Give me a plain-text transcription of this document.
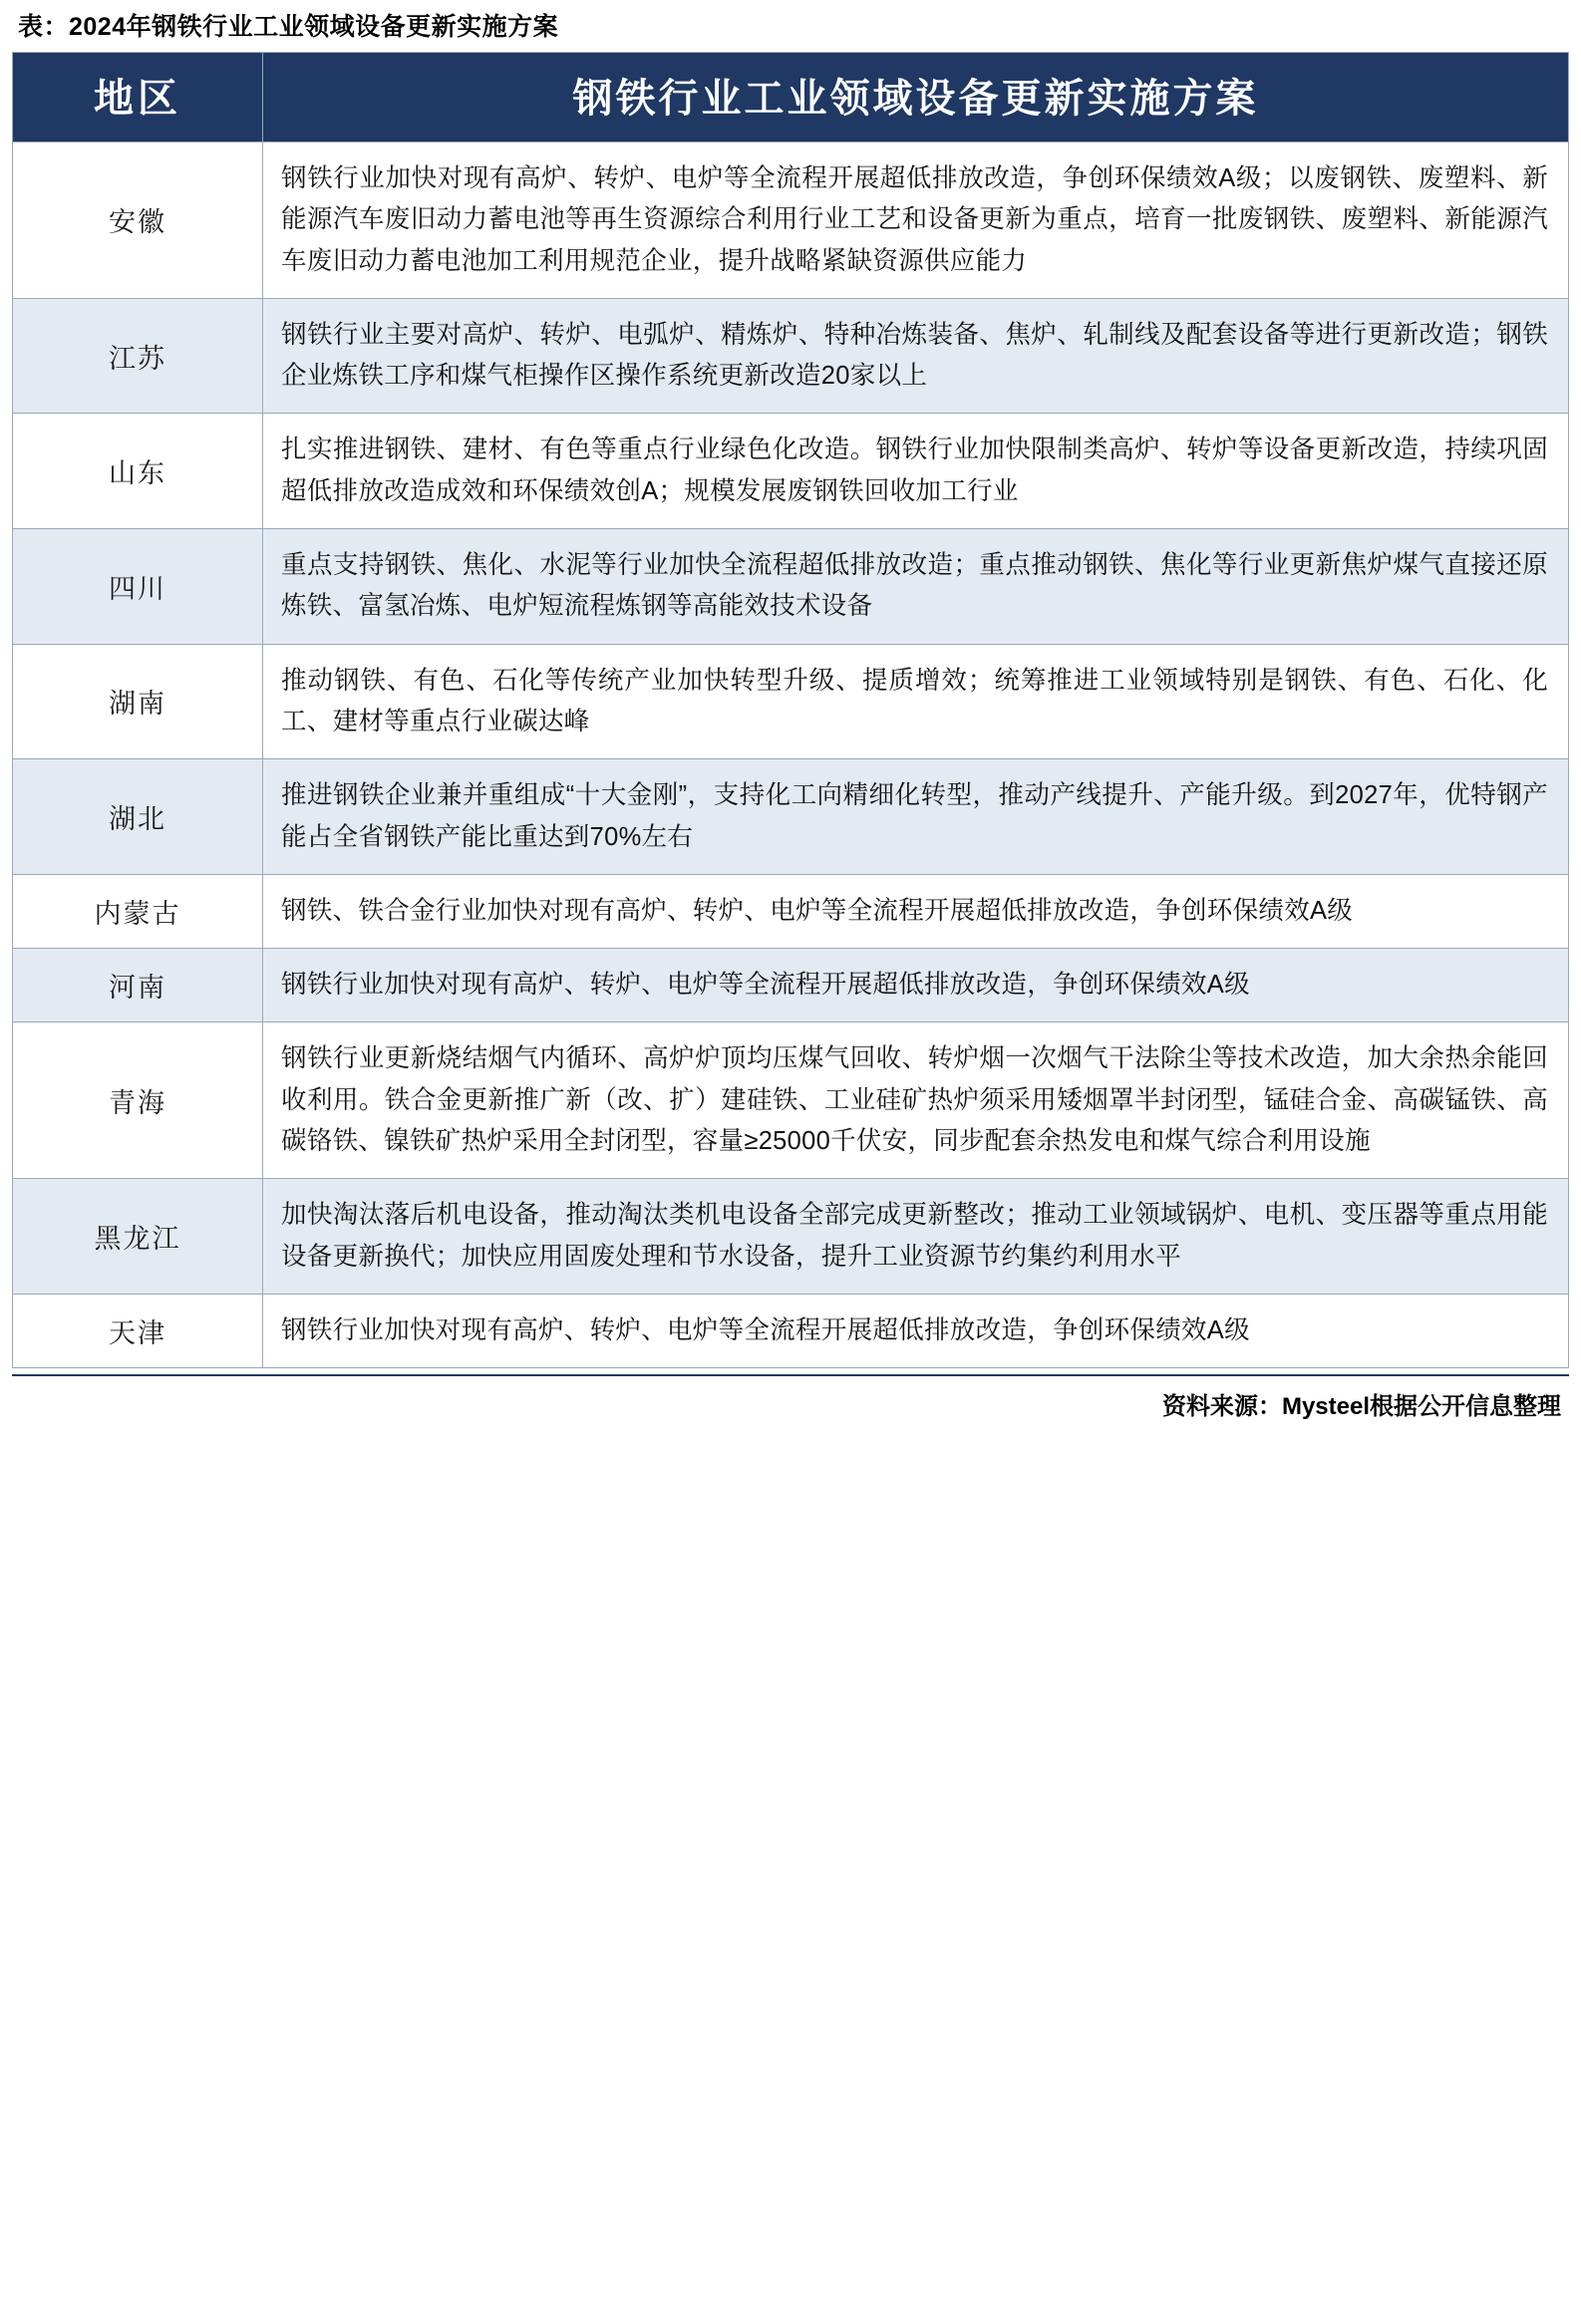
表：2024年钢铁行业工业领域设备更新实施方案
地区	钢铁行业工业领域设备更新实施方案
安徽	钢铁行业加快对现有高炉、转炉、电炉等全流程开展超低排放改造，争创环保绩效A级；以废钢铁、废塑料、新能源汽车废旧动力蓄电池等再生资源综合利用行业工艺和设备更新为重点，培育一批废钢铁、废塑料、新能源汽车废旧动力蓄电池加工利用规范企业，提升战略紧缺资源供应能力
江苏	钢铁行业主要对高炉、转炉、电弧炉、精炼炉、特种冶炼装备、焦炉、轧制线及配套设备等进行更新改造；钢铁企业炼铁工序和煤气柜操作区操作系统更新改造20家以上
山东	扎实推进钢铁、建材、有色等重点行业绿色化改造。钢铁行业加快限制类高炉、转炉等设备更新改造，持续巩固超低排放改造成效和环保绩效创A；规模发展废钢铁回收加工行业
四川	重点支持钢铁、焦化、水泥等行业加快全流程超低排放改造；重点推动钢铁、焦化等行业更新焦炉煤气直接还原炼铁、富氢冶炼、电炉短流程炼钢等高能效技术设备
湖南	推动钢铁、有色、石化等传统产业加快转型升级、提质增效；统筹推进工业领域特别是钢铁、有色、石化、化工、建材等重点行业碳达峰
湖北	推进钢铁企业兼并重组成“十大金刚”，支持化工向精细化转型，推动产线提升、产能升级。到2027年，优特钢产能占全省钢铁产能比重达到70%左右
内蒙古	钢铁、铁合金行业加快对现有高炉、转炉、电炉等全流程开展超低排放改造，争创环保绩效A级
河南	钢铁行业加快对现有高炉、转炉、电炉等全流程开展超低排放改造，争创环保绩效A级
青海	钢铁行业更新烧结烟气内循环、高炉炉顶均压煤气回收、转炉烟一次烟气干法除尘等技术改造，加大余热余能回收利用。铁合金更新推广新（改、扩）建硅铁、工业硅矿热炉须采用矮烟罩半封闭型，锰硅合金、高碳锰铁、高碳铬铁、镍铁矿热炉采用全封闭型，容量≥25000千伏安，同步配套余热发电和煤气综合利用设施
黑龙江	加快淘汰落后机电设备，推动淘汰类机电设备全部完成更新整改；推动工业领域锅炉、电机、变压器等重点用能设备更新换代；加快应用固废处理和节水设备，提升工业资源节约集约利用水平
天津	钢铁行业加快对现有高炉、转炉、电炉等全流程开展超低排放改造，争创环保绩效A级
资料来源：Mysteel根据公开信息整理
